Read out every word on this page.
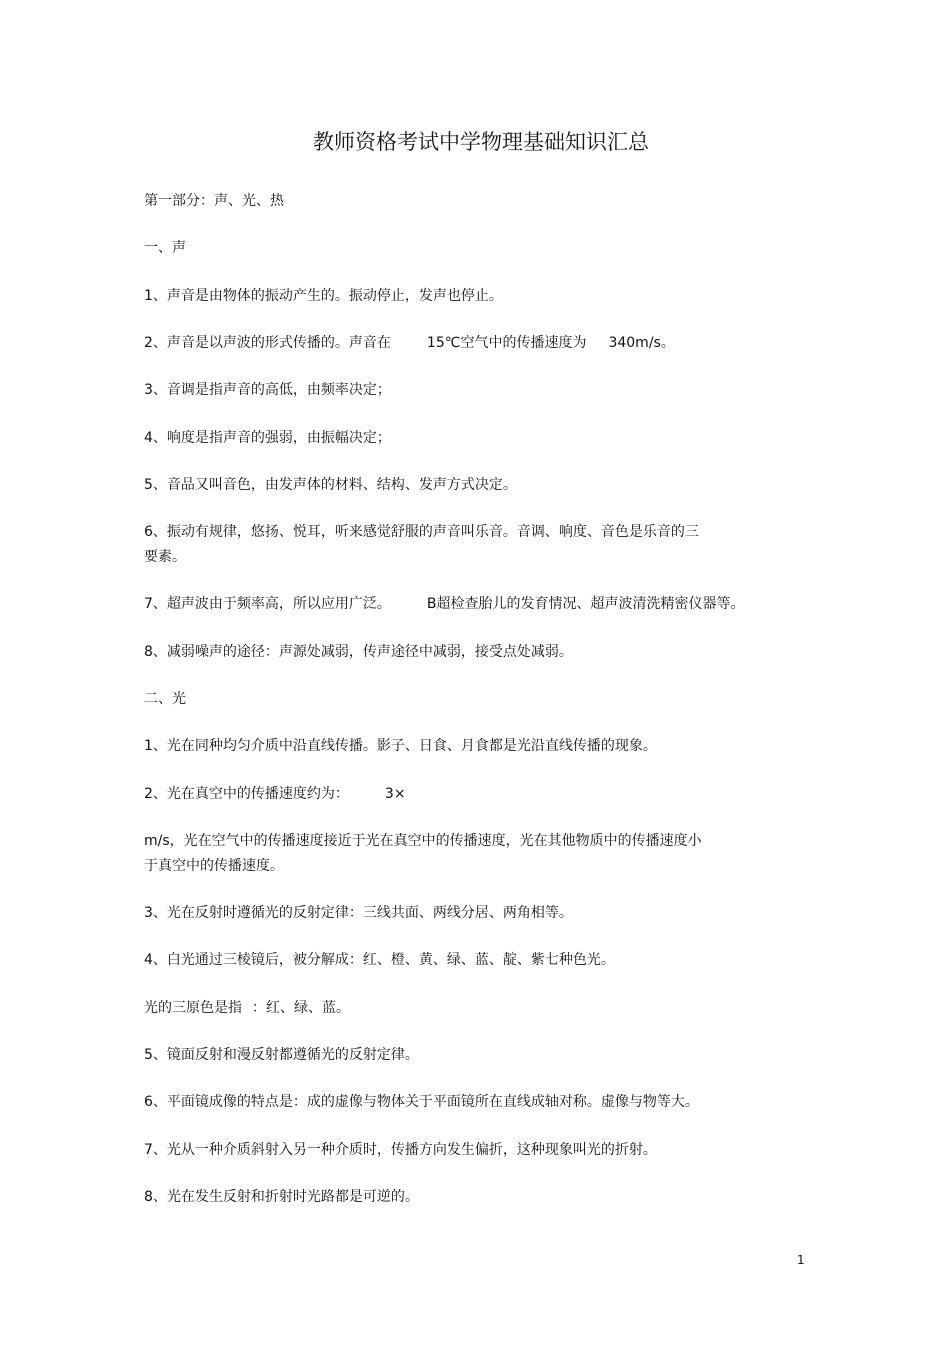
教师资格考试中学物理基础知识汇总
第一部分：声、光、热
一、声
1、声音是由物体的振动产生的。振动停止，发声也停止。
2、声音是以声波的形式传播的。声音在	15℃空气中的传播速度为 340m/s。
3、音调是指声音的高低，由频率决定；
4、响度是指声音的强弱，由振幅决定；
5、音品又叫音色，由发声体的材料、结构、发声方式决定。
6、振动有规律，悠扬、悦耳，听来感觉舒服的声音叫乐音。音调、响度、音色是乐音的三
要素。
7、超声波由于频率高，所以应用广泛。	B超检查胎儿的发育情况、超声波清洗精密仪器等。
8、减弱噪声的途径：声源处减弱，传声途径中减弱，接受点处减弱。
二、光
1、光在同种均匀介质中沿直线传播。影子、日食、月食都是光沿直线传播的现象。
2、光在真空中的传播速度约为：	3×
m/s，光在空气中的传播速度接近于光在真空中的传播速度，光在其他物质中的传播速度小
于真空中的传播速度。
3、光在反射时遵循光的反射定律：三线共面、两线分居、两角相等。
4、白光通过三棱镜后，被分解成：红、橙、黄、绿、蓝、靛、紫七种色光。
光的三原色是指 ：红、绿、蓝。
5、镜面反射和漫反射都遵循光的反射定律。
6、平面镜成像的特点是：成的虚像与物体关于平面镜所在直线成轴对称。虚像与物等大。
7、光从一种介质斜射入另一种介质时，传播方向发生偏折，这种现象叫光的折射。
8、光在发生反射和折射时光路都是可逆的。
1
